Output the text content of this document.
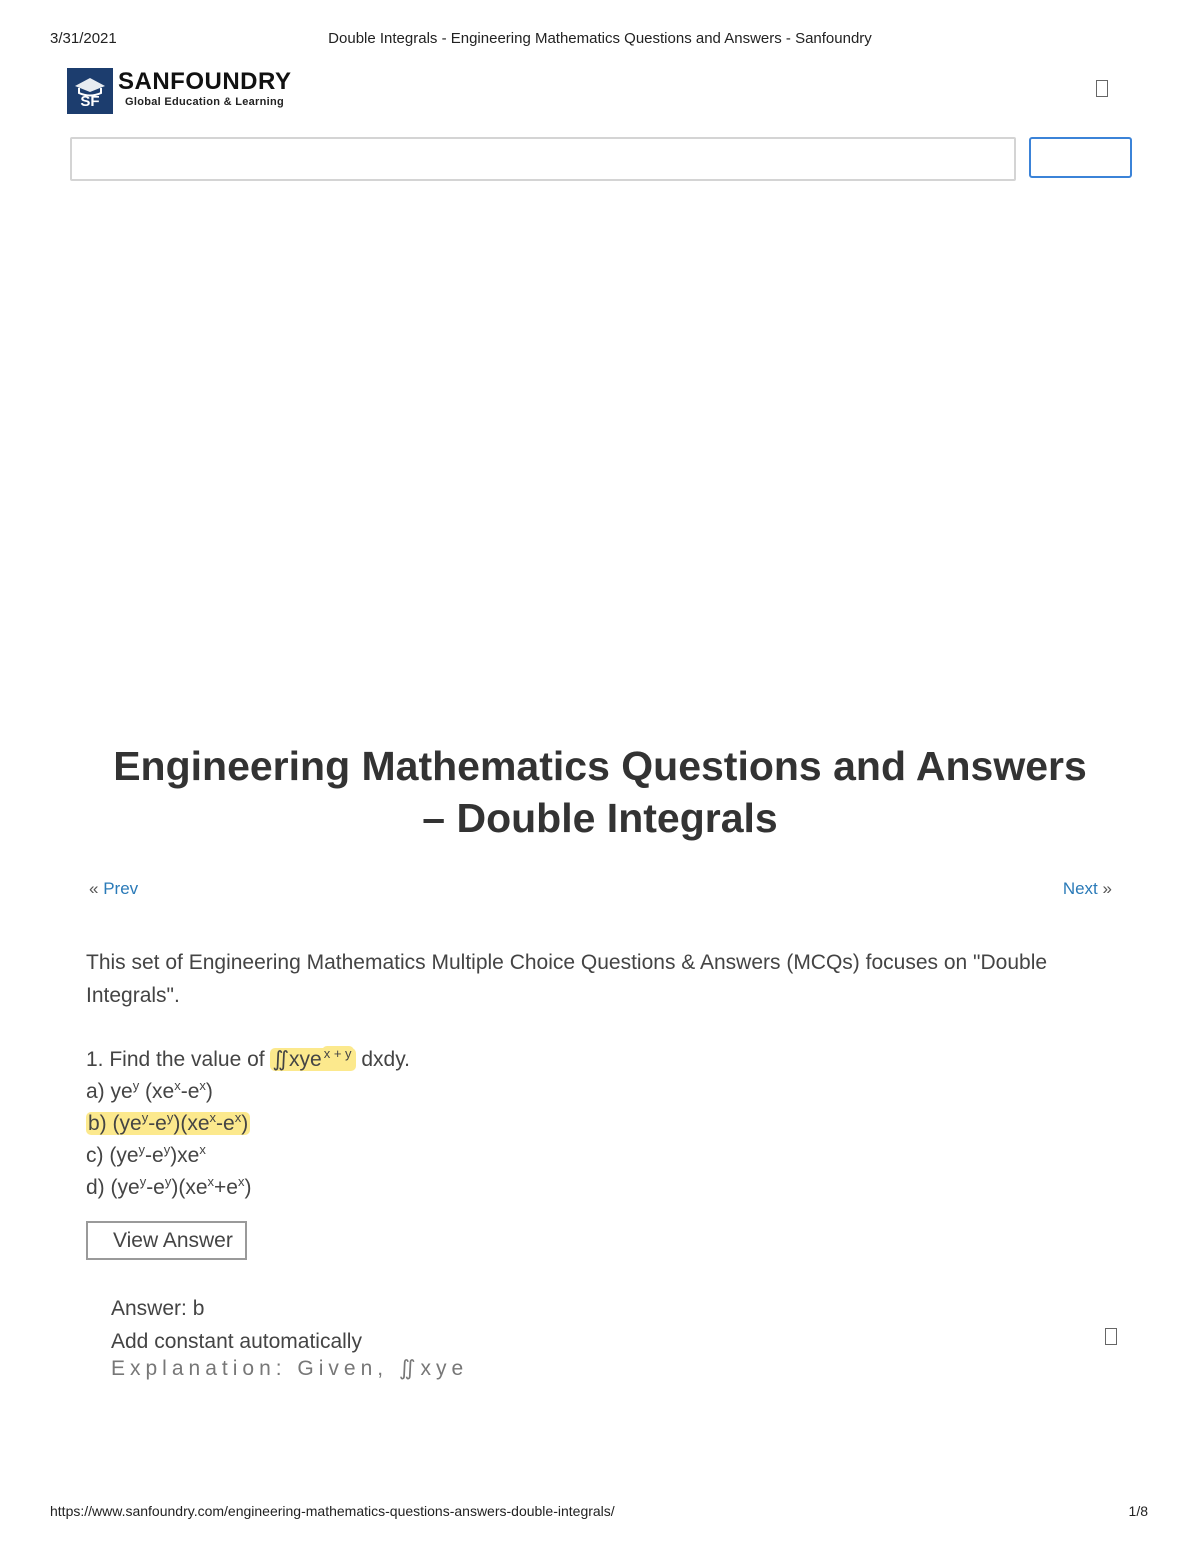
3/31/2021	Double Integrals - Engineering Mathematics Questions and Answers - Sanfoundry
SF
SANFOUNDRY
Global Education & Learning
Engineering Mathematics Questions and Answers – Double Integrals
« Prev	Next »

This set of Engineering Mathematics Multiple Choice Questions & Answers (MCQs) focuses on "Double Integrals".

1. Find the value of ∬xye $^{x + y}$ dxdy.
a) $ye^y$ $(xe^x-e^x)$
b) $(ye^y-e^y)(xe^x-e^x)$
c) $(ye^y-e^y)xe^x$
d) $(ye^y-e^y)(xe^x+e^x)$
View Answer
Answer: b
Add constant automatically
Explanation: Given, ∬xye
https://www.sanfoundry.com/engineering-mathematics-questions-answers-double-integrals/	1/8
